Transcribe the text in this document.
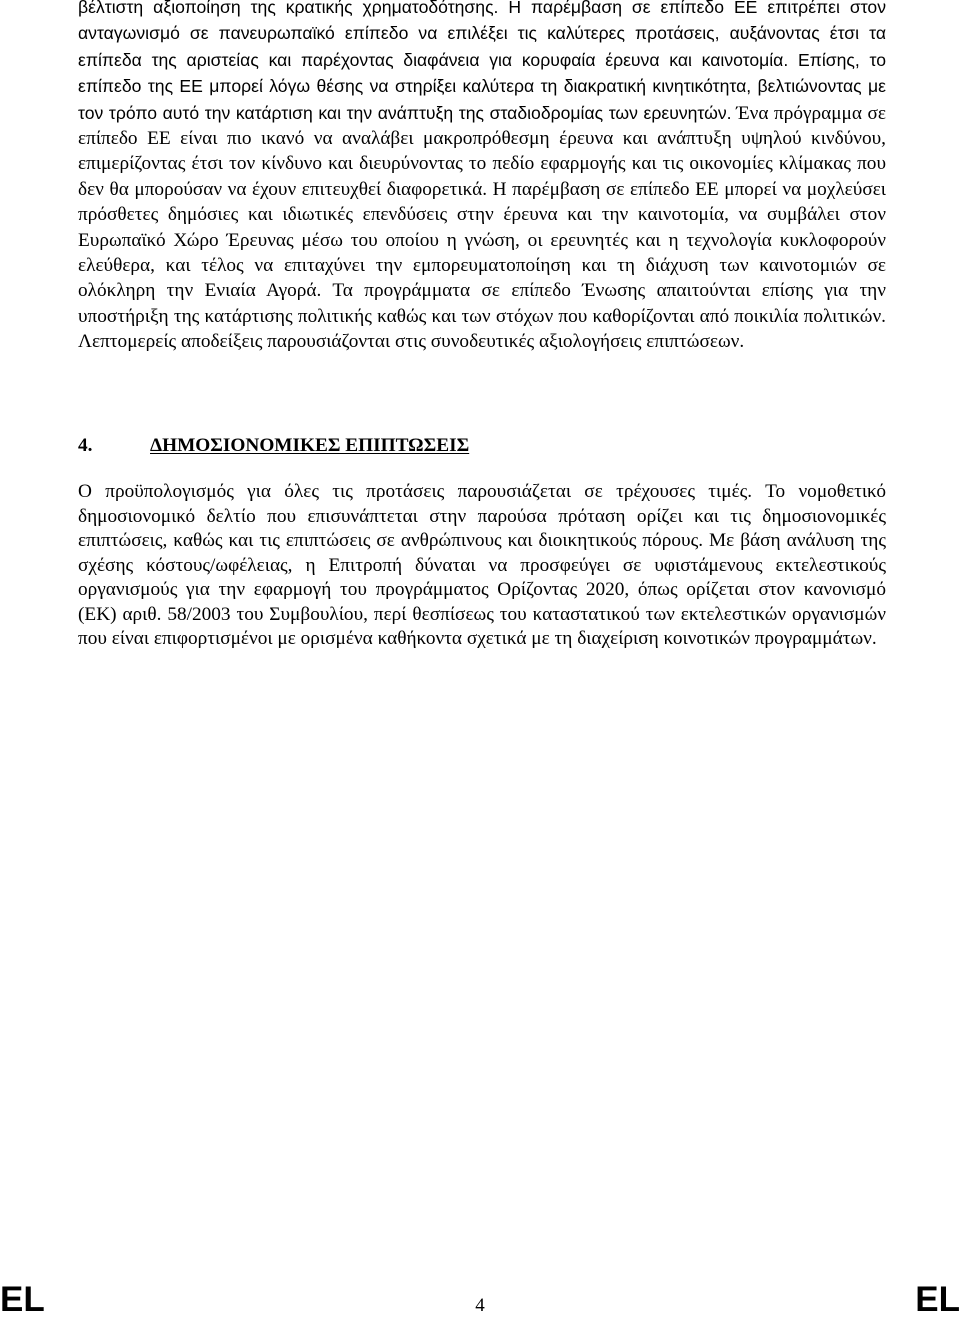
βέλτιστη αξιοποίηση της κρατικής χρηματοδότησης. Η παρέμβαση σε επίπεδο ΕΕ επιτρέπει στον ανταγωνισμό σε πανευρωπαϊκό επίπεδο να επιλέξει τις καλύτερες προτάσεις, αυξάνοντας έτσι τα επίπεδα της αριστείας και παρέχοντας διαφάνεια για κορυφαία έρευνα και καινοτομία. Επίσης, το επίπεδο της ΕΕ μπορεί λόγω θέσης να στηρίξει καλύτερα τη διακρατική κινητικότητα, βελτιώνοντας με τον τρόπο αυτό την κατάρτιση και την ανάπτυξη της σταδιοδρομίας των ερευνητών. Ένα πρόγραμμα σε επίπεδο ΕΕ είναι πιο ικανό να αναλάβει μακροπρόθεσμη έρευνα και ανάπτυξη υψηλού κινδύνου, επιμερίζοντας έτσι τον κίνδυνο και διευρύνοντας το πεδίο εφαρμογής και τις οικονομίες κλίμακας που δεν θα μπορούσαν να έχουν επιτευχθεί διαφορετικά. Η παρέμβαση σε επίπεδο ΕΕ μπορεί να μοχλεύσει πρόσθετες δημόσιες και ιδιωτικές επενδύσεις στην έρευνα και την καινοτομία, να συμβάλει στον Ευρωπαϊκό Χώρο Έρευνας μέσω του οποίου η γνώση, οι ερευνητές και η τεχνολογία κυκλοφορούν ελεύθερα, και τέλος να επιταχύνει την εμπορευματοποίηση και τη διάχυση των καινοτομιών σε ολόκληρη την Ενιαία Αγορά. Τα προγράμματα σε επίπεδο Ένωσης απαιτούνται επίσης για την υποστήριξη της κατάρτισης πολιτικής καθώς και των στόχων που καθορίζονται από ποικιλία πολιτικών. Λεπτομερείς αποδείξεις παρουσιάζονται στις συνοδευτικές αξιολογήσεις επιπτώσεων.

4.	ΔΗΜΟΣΙΟΝΟΜΙΚΕΣ ΕΠΙΠΤΩΣΕΙΣ

Ο προϋπολογισμός για όλες τις προτάσεις παρουσιάζεται σε τρέχουσες τιμές. Το νομοθετικό δημοσιονομικό δελτίο που επισυνάπτεται στην παρούσα πρόταση ορίζει και τις δημοσιονομικές επιπτώσεις, καθώς και τις επιπτώσεις σε ανθρώπινους και διοικητικούς πόρους. Με βάση ανάλυση της σχέσης κόστους/ωφέλειας, η Επιτροπή δύναται να προσφεύγει σε υφιστάμενους εκτελεστικούς οργανισμούς για την εφαρμογή του προγράμματος Ορίζοντας 2020, όπως ορίζεται στον κανονισμό (ΕΚ) αριθ. 58/2003 του Συμβουλίου, περί θεσπίσεως του καταστατικού των εκτελεστικών οργανισμών που είναι επιφορτισμένοι με ορισμένα καθήκοντα σχετικά με τη διαχείριση κοινοτικών προγραμμάτων.

EL	4	EL
